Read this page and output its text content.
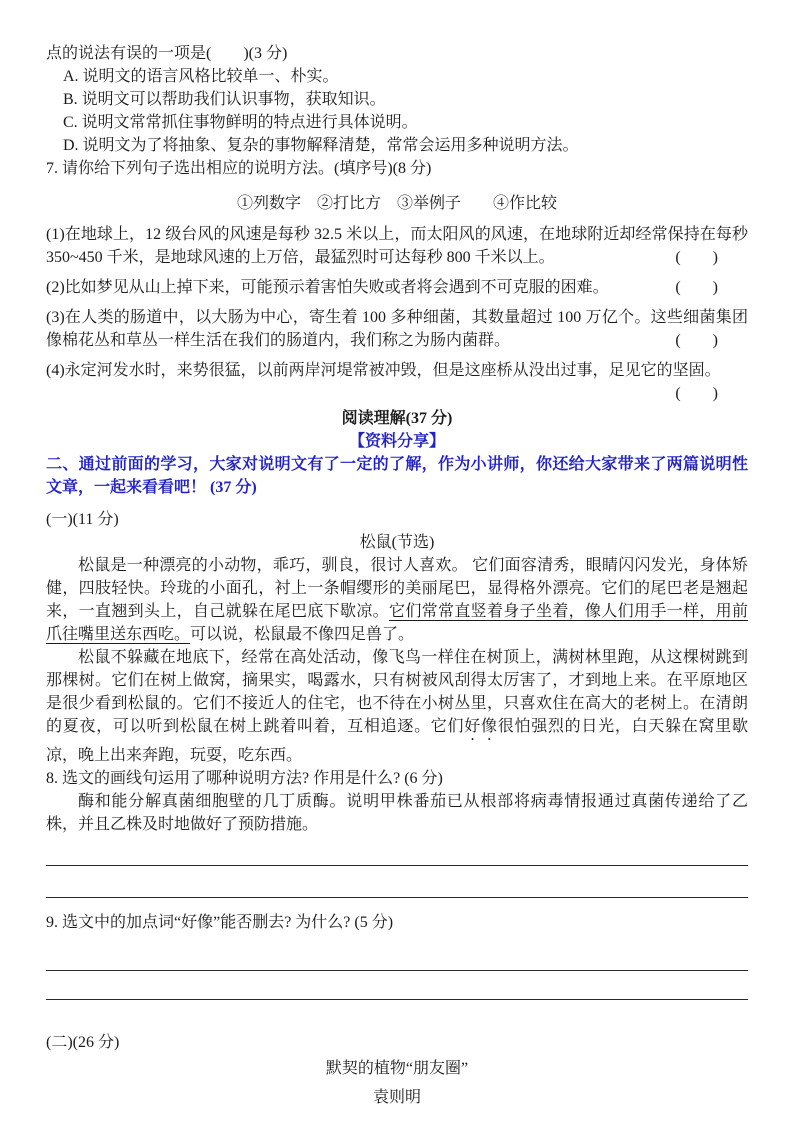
点的说法有误的一项是(　　)(3 分)

A. 说明文的语言风格比较单一、朴实。

B. 说明文可以帮助我们认识事物，获取知识。

C. 说明文常常抓住事物鲜明的特点进行具体说明。

D. 说明文为了将抽象、复杂的事物解释清楚，常常会运用多种说明方法。

7. 请你给下列句子选出相应的说明方法。(填序号)(8 分)

①列数字　②打比方　③举例子　　④作比较

(1)在地球上，12 级台风的风速是每秒 32.5 米以上，而太阳风的风速，在地球附近却经常保持在每秒 350~450 千米，是地球风速的上万倍，最猛烈时可达每秒 800 千米以上。	(　　)

(2)比如梦见从山上掉下来，可能预示着害怕失败或者将会遇到不可克服的困难。	(　　)

(3)在人类的肠道中，以大肠为中心，寄生着 100 多种细菌，其数量超过 100 万亿个。这些细菌集团像棉花丛和草丛一样生活在我们的肠道内，我们称之为肠内菌群。	(　　)

(4)永定河发水时，来势很猛，以前两岸河堤常被冲毁，但是这座桥从没出过事，足见它的坚固。

(　　)

阅读理解(37 分)

【资料分享】

二、通过前面的学习，大家对说明文有了一定的了解，作为小讲师，你还给大家带来了两篇说明性文章，一起来看看吧！ (37 分)

(一)(11 分)

松鼠(节选)

松鼠是一种漂亮的小动物，乖巧，驯良，很讨人喜欢。 它们面容清秀，眼睛闪闪发光，身体矫健，四肢轻快。玲珑的小面孔，衬上一条帽缨形的美丽尾巴，显得格外漂亮。它们的尾巴老是翘起来，一直翘到头上，自己就躲在尾巴底下歇凉。它们常常直竖着身子坐着，像人们用手一样，用前爪往嘴里送东西吃。可以说，松鼠最不像四足兽了。

松鼠不躲藏在地底下，经常在高处活动，像飞鸟一样住在树顶上，满树林里跑，从这棵树跳到那棵树。它们在树上做窝，摘果实，喝露水，只有树被风刮得太厉害了，才到地上来。在平原地区是很少看到松鼠的。它们不接近人的住宅，也不待在小树丛里，只喜欢住在高大的老树上。在清朗的夏夜，可以听到松鼠在树上跳着叫着，互相追逐。它们好像很怕强烈的日光，白天躲在窝里歇凉，晚上出来奔跑，玩耍，吃东西。

8. 选文的画线句运用了哪种说明方法? 作用是什么? (6 分)

酶和能分解真菌细胞壁的几丁质酶。说明甲株番茄已从根部将病毒情报通过真菌传递给了乙株，并且乙株及时地做好了预防措施。

9. 选文中的加点词“好像”能否删去? 为什么? (5 分)

(二)(26 分)

默契的植物“朋友圈”

袁则明
